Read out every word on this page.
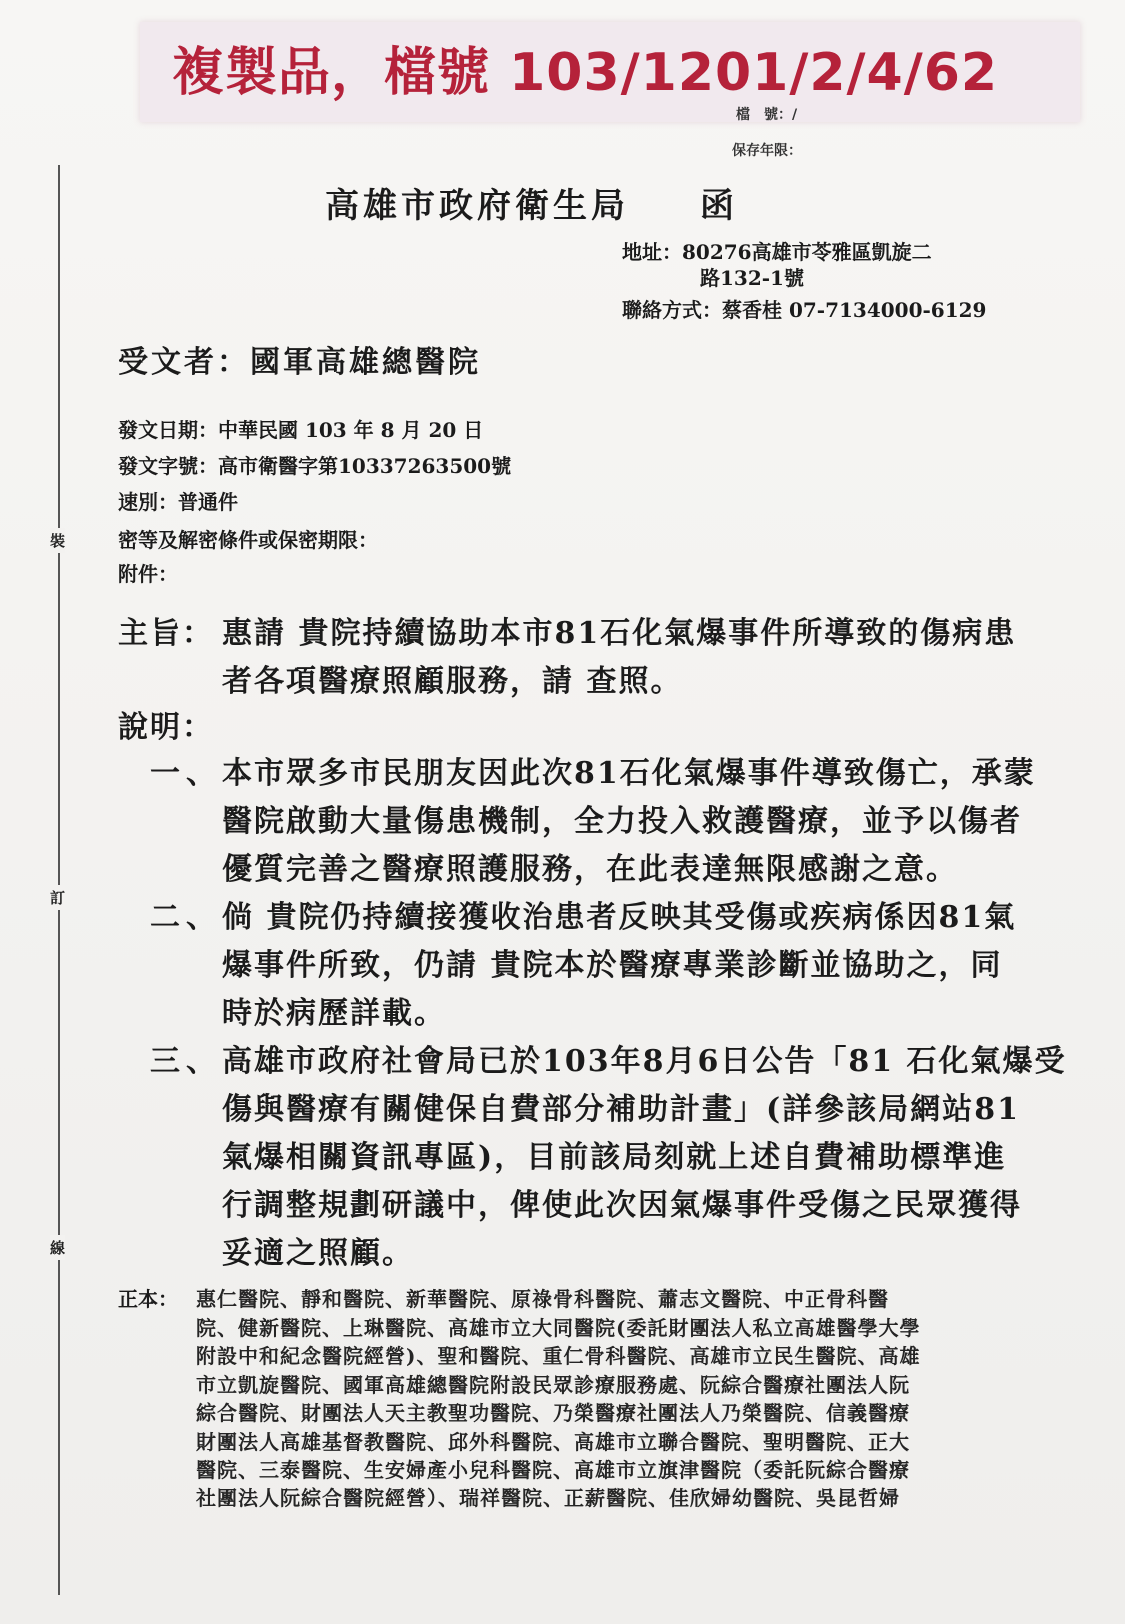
複製品，檔號 103/1201/2/4/62
檔　號：/
保存年限：
裝
訂
線
高雄市政府衛生局 函
地址：80276高雄市苓雅區凱旋二
路132-1號
聯絡方式：蔡香桂 07-7134000-6129
受文者：國軍高雄總醫院
發文日期：中華民國 103 年 8 月 20 日
發文字號：高市衛醫字第10337263500號
速別：普通件
密等及解密條件或保密期限：
附件：
主旨： 惠請 貴院持續協助本市81石化氣爆事件所導致的傷病患
者各項醫療照顧服務，請 查照。
說明：
一、 本市眾多市民朋友因此次81石化氣爆事件導致傷亡，承蒙
醫院啟動大量傷患機制，全力投入救護醫療，並予以傷者
優質完善之醫療照護服務，在此表達無限感謝之意。
二、 倘 貴院仍持續接獲收治患者反映其受傷或疾病係因81氣
爆事件所致，仍請 貴院本於醫療專業診斷並協助之，同
時於病歷詳載。
三、 高雄市政府社會局已於103年8月6日公告「81 石化氣爆受
傷與醫療有關健保自費部分補助計畫」(詳參該局網站81
氣爆相關資訊專區)，目前該局刻就上述自費補助標準進
行調整規劃研議中，俾使此次因氣爆事件受傷之民眾獲得
妥適之照顧。
正本： 惠仁醫院、靜和醫院、新華醫院、原祿骨科醫院、蕭志文醫院、中正骨科醫
院、健新醫院、上琳醫院、高雄市立大同醫院(委託財團法人私立高雄醫學大學
附設中和紀念醫院經營)、聖和醫院、重仁骨科醫院、高雄市立民生醫院、高雄
市立凱旋醫院、國軍高雄總醫院附設民眾診療服務處、阮綜合醫療社團法人阮
綜合醫院、財團法人天主教聖功醫院、乃榮醫療社團法人乃榮醫院、信義醫療
財團法人高雄基督教醫院、邱外科醫院、高雄市立聯合醫院、聖明醫院、正大
醫院、三泰醫院、生安婦產小兒科醫院、高雄市立旗津醫院（委託阮綜合醫療
社團法人阮綜合醫院經營）、瑞祥醫院、正薪醫院、佳欣婦幼醫院、吳昆哲婦
